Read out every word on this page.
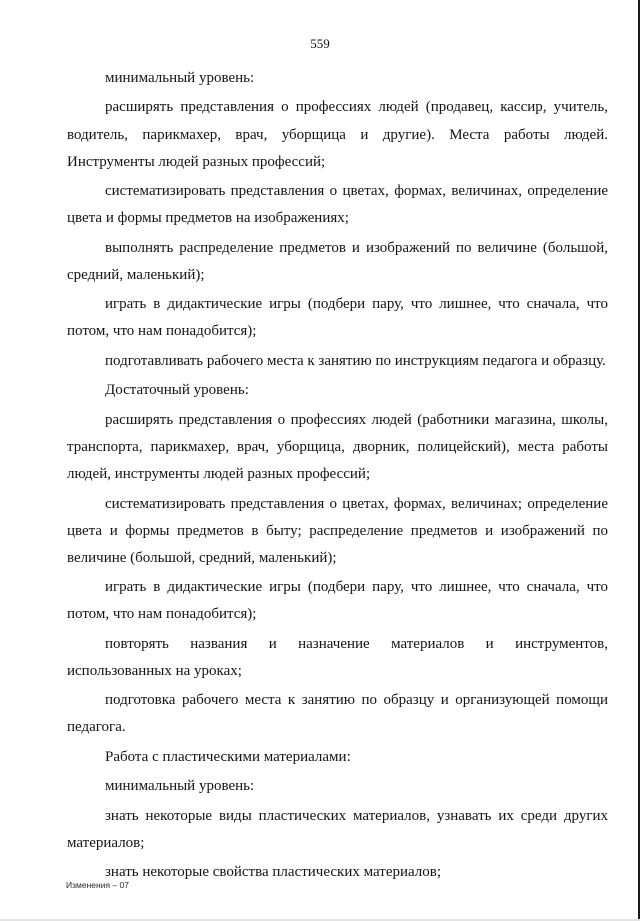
559

минимальный уровень:

расширять представления о профессиях людей (продавец, кассир, учитель, водитель, парикмахер, врач, уборщица и другие). Места работы людей. Инструменты людей разных профессий;

систематизировать представления о цветах, формах, величинах, определение цвета и формы предметов на изображениях;

выполнять распределение предметов и изображений по величине (большой, средний, маленький);

играть в дидактические игры (подбери пару, что лишнее, что сначала, что потом, что нам понадобится);

подготавливать рабочего места к занятию по инструкциям педагога и образцу.

Достаточный уровень:

расширять представления о профессиях людей (работники магазина, школы, транспорта, парикмахер, врач, уборщица, дворник, полицейский), места работы людей, инструменты людей разных профессий;

систематизировать представления о цветах, формах, величинах; определение цвета и формы предметов в быту; распределение предметов и изображений по величине (большой, средний, маленький);

играть в дидактические игры (подбери пару, что лишнее, что сначала, что потом, что нам понадобится);

повторять названия и назначение материалов и инструментов, использованных на уроках;

подготовка рабочего места к занятию по образцу и организующей помощи педагога.

Работа с пластическими материалами:

минимальный уровень:

знать некоторые виды пластических материалов, узнавать их среди других материалов;

знать некоторые свойства пластических материалов;

Изменения – 07
